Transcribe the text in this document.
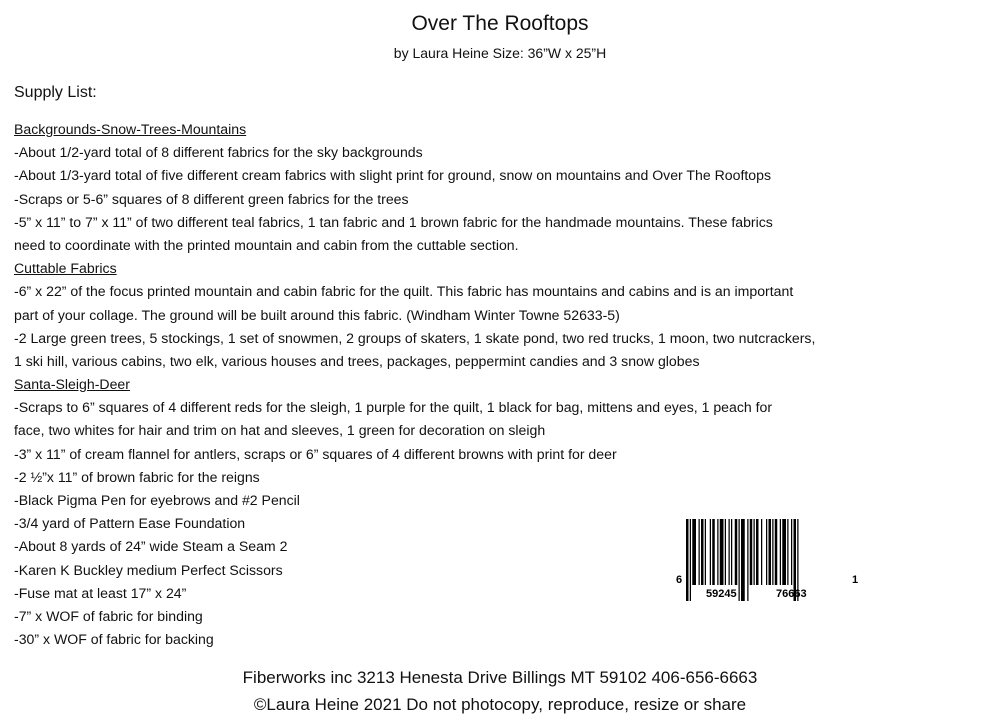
Over The Rooftops
by Laura Heine Size: 36”W x 25”H
Supply List:
Backgrounds-Snow-Trees-Mountains
-About 1/2-yard total of 8 different fabrics for the sky backgrounds
-About 1/3-yard total of five different cream fabrics with slight print for ground, snow on mountains and Over The Rooftops
-Scraps or 5-6” squares of 8 different green fabrics for the trees
-5” x 11” to 7” x 11” of two different teal fabrics, 1 tan fabric and 1 brown fabric for the handmade mountains. These fabrics
need to coordinate with the printed mountain and cabin from the cuttable section.
Cuttable Fabrics
-6” x 22” of the focus printed mountain and cabin fabric for the quilt. This fabric has mountains and cabins and is an important
part of your collage. The ground will be built around this fabric. (Windham Winter Towne 52633-5)
-2 Large green trees, 5 stockings, 1 set of snowmen, 2 groups of skaters, 1 skate pond, two red trucks, 1 moon, two nutcrackers,
1 ski hill, various cabins, two elk, various houses and trees, packages, peppermint candies and 3 snow globes
Santa-Sleigh-Deer
-Scraps to 6” squares of 4 different reds for the sleigh, 1 purple for the quilt, 1 black for bag, mittens and eyes, 1 peach for
face, two whites for hair and trim on hat and sleeves, 1 green for decoration on sleigh
-3” x 11” of cream flannel for antlers, scraps or 6” squares of 4 different browns with print for deer
-2 ½”x 11” of brown fabric for the reigns
-Black Pigma Pen for eyebrows and #2 Pencil
-3/4 yard of Pattern Ease Foundation
-About 8 yards of 24” wide Steam a Seam 2
-Karen K Buckley medium Perfect Scissors
-Fuse mat at least 17” x 24”
-7” x WOF of fabric for binding
-30” x WOF of fabric for backing
6
59245	76663
1
Fiberworks inc 3213 Henesta Drive Billings MT 59102 406-656-6663
©Laura Heine 2021 Do not photocopy, reproduce, resize or share
